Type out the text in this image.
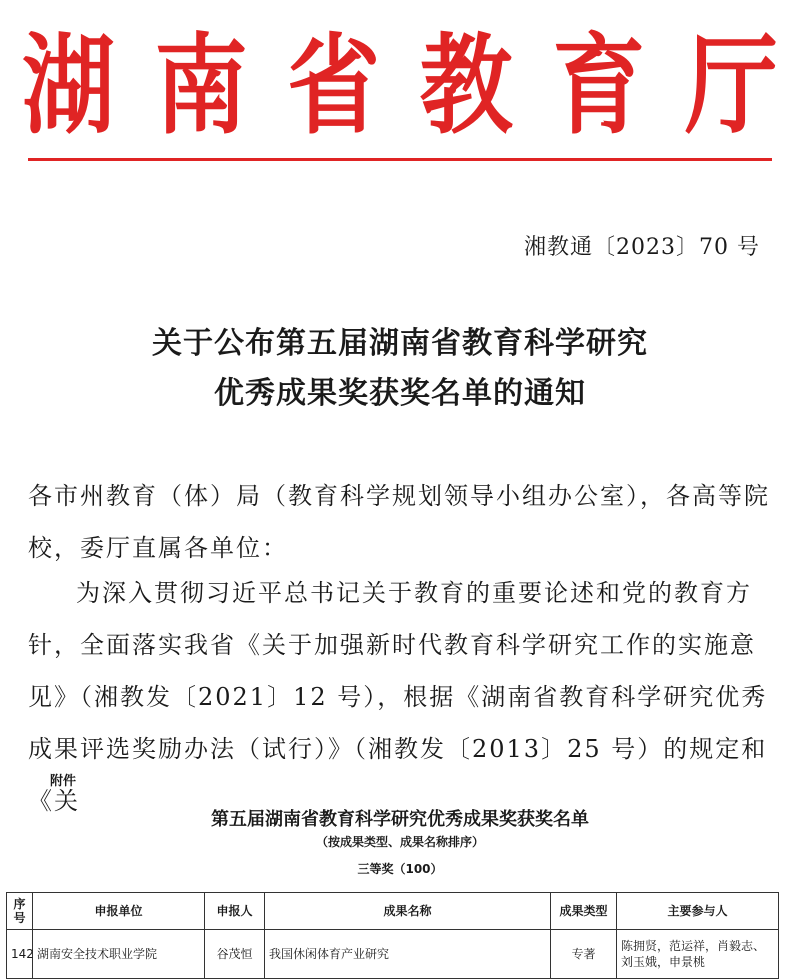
湖 南 省 教 育 厅
湘教通〔2023〕70 号
关于公布第五届湖南省教育科学研究
优秀成果奖获奖名单的通知
各市州教育（体）局（教育科学规划领导小组办公室），各高等院校，委厅直属各单位：
为深入贯彻习近平总书记关于教育的重要论述和党的教育方针，全面落实我省《关于加强新时代教育科学研究工作的实施意见》（湘教发〔2021〕12 号），根据《湖南省教育科学研究优秀成果评选奖励办法（试行）》（湘教发〔2013〕25 号）的规定和《关
附件
第五届湖南省教育科学研究优秀成果奖获奖名单
（按成果类型、成果名称排序）
三等奖（100）
序号	申报单位	申报人	成果名称	成果类型	主要参与人
142	湖南安全技术职业学院	谷茂恒	我国休闲体育产业研究	专著	陈拥贤，范运祥，肖毅志、刘玉娥，申景桃
